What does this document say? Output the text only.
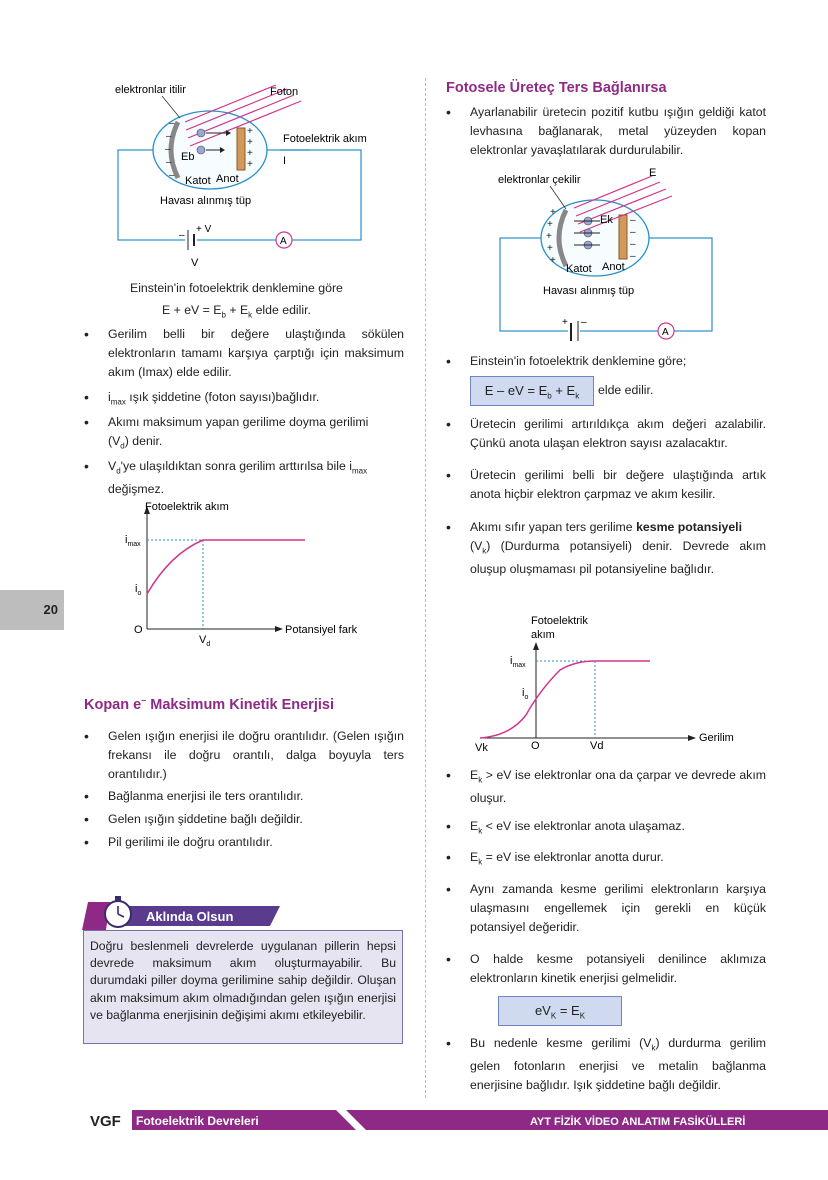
20
–
–
–
–
–
+
+
+
+
elektronlar itilir	Foton
Fotoelektrik akım
I
Eb
Katot Anot
Havası alınmış tüp
–
+ V
V
A
Einstein'in fotoelektrik denklemine göre
E + eV = $E_b + E_k$ elde edilir.
• Gerilim belli bir değere ulaştığında sökülen elektronların tamamı karşıya çarptığı için maksimum akım (Imax) elde edilir.
• $i_{max}$ ışık şiddetine (foton sayısı)bağlıdır.
• Akımı maksimum yapan gerilime doyma gerilimi
$(V_d)$ denir.
• $V_d'ye$ ulaşıldıktan sonra gerilim arttırılsa bile $i_{max}$
değişmez.
Fotoelektrik akım
$i_{max}$
$i_o$
O
$V_d$
Potansiyel fark
Kopan e– Maksimum Kinetik Enerjisi
• Gelen ışığın enerjisi ile doğru orantılıdır. (Gelen ışığın frekansı ile doğru orantılı, dalga boyuyla ters orantılıdır.)
• Bağlanma enerjisi ile ters orantılıdır.
• Gelen ışığın şiddetine bağlı değildir.
• Pil gerilimi ile doğru orantılıdır.
Aklında Olsun
Doğru beslenmeli devrelerde uygulanan pillerin hepsi devrede maksimum akım oluşturmayabilir. Bu durumdaki piller doyma gerilimine sahip değildir. Oluşan akım maksimum akım olmadığından gelen ışığın enerjisi ve bağlanma enerjisinin değişimi akımı etkileyebilir.
Fotosele Üreteç Ters Bağlanırsa
• Ayarlanabilir üretecin pozitif kutbu ışığın geldiği katot levhasına bağlanarak, metal yüzeyden kopan elektronlar yavaşlatılarak durdurulabilir.
+
+
+
+
+
–
–
–
–
elektronlar çekilir
E
Ek
Katot Anot
Havası alınmış tüp
+ –
A
• Einstein'in fotoelektrik denklemine göre;
E – eV = $E_b + E_k$	elde edilir.
• Üretecin gerilimi artırıldıkça akım değeri azalabilir. Çünkü anota ulaşan elektron sayısı azalacaktır.
• Üretecin gerilimi belli bir değere ulaştığında artık anota hiçbir elektron çarpmaz ve akım kesilir.
• Akımı sıfır yapan ters gerilime kesme potansiyeli
$(V_k)$ (Durdurma potansiyeli) denir. Devrede akım oluşup oluşmaması pil potansiyeline bağlıdır.
Fotoelektrik
akım
$i_{max}$
$i_o$
Vk	O	Vd
Gerilim
• $E_k$ > eV ise elektronlar ona da çarpar ve devrede akım oluşur.
• $E_k$ < eV ise elektronlar anota ulaşamaz.
• $E_k$ = eV ise elektronlar anotta durur.
• Aynı zamanda kesme gerilimi elektronların karşıya ulaşmasını engellemek için gerekli en küçük potansiyel değeridir.
• O halde kesme potansiyeli denilince aklımıza elektronların kinetik enerjisi gelmelidir.
$eV_K = E_K$
• Bu nedenle kesme gerilimi $(V_k)$ durdurma gerilim gelen fotonların enerjisi ve metalin bağlanma enerjisine bağlıdır. Işık şiddetine bağlı değildir.
VGF Fotoelektrik Devreleri	AYT FİZİK VİDEO ANLATIM FASİKÜLLERİ
